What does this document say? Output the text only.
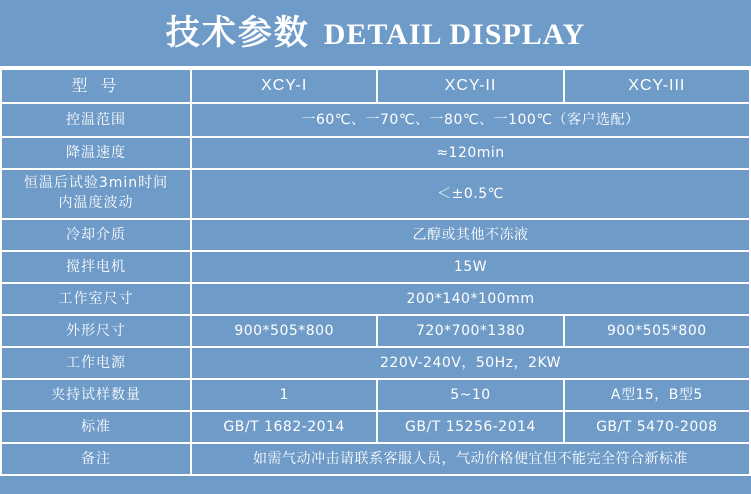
技术参数 DETAIL DISPLAY
型 号	XCY-I	XCY-II	XCY-III
控温范围	一60℃、一70℃、一80℃、一100℃（客户选配）		
降温速度	≈120min		

恒温后试验3min时间
内温度波动	＜±0.5℃		
冷却介质	乙醇或其他不冻液		
搅拌电机	15W		
工作室尺寸	200*140*100mm		
外形尺寸	900*505*800	720*700*1380	900*505*800
工作电源	220V-240V，50Hz，2KW		
夹持试样数量	1	5~10	A型15，B型5
标准	GB/T 1682-2014	GB/T 15256-2014	GB/T 5470-2008
备注	如需气动冲击请联系客服人员，气动价格便宜但不能完全符合新标准		
